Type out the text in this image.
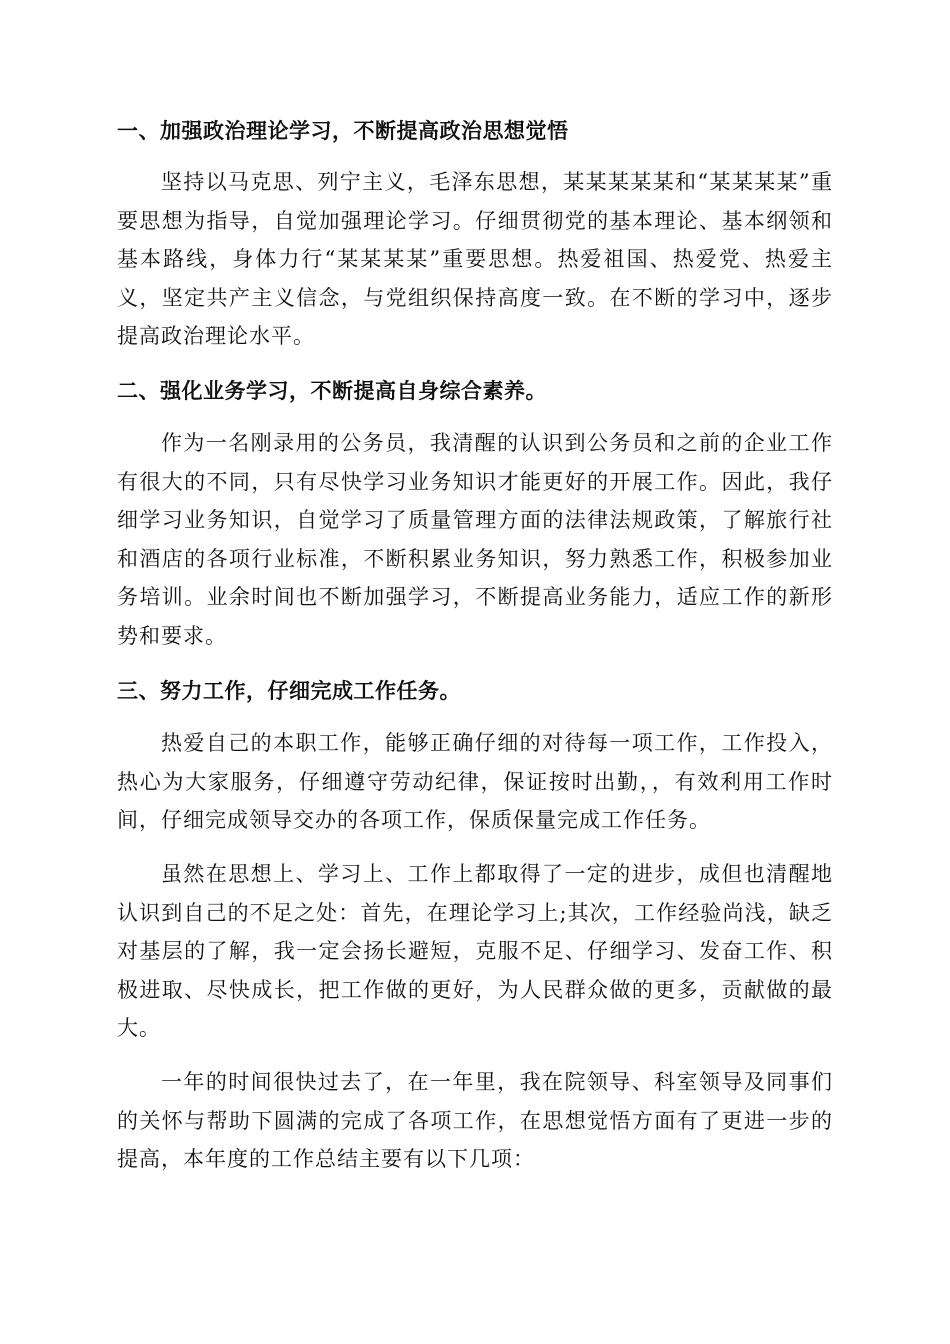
一、加强政治理论学习，不断提高政治思想觉悟

坚持以马克思、列宁主义，毛泽东思想，某某某某某和“某某某某”重要思想为指导，自觉加强理论学习。仔细贯彻党的基本理论、基本纲领和基本路线，身体力行“某某某某”重要思想。热爱祖国、热爱党、热爱主义，坚定共产主义信念，与党组织保持高度一致。在不断的学习中，逐步提高政治理论水平。

二、强化业务学习，不断提高自身综合素养。

作为一名刚录用的公务员，我清醒的认识到公务员和之前的企业工作有很大的不同，只有尽快学习业务知识才能更好的开展工作。因此，我仔细学习业务知识，自觉学习了质量管理方面的法律法规政策，了解旅行社和酒店的各项行业标准，不断积累业务知识，努力熟悉工作，积极参加业务培训。业余时间也不断加强学习，不断提高业务能力，适应工作的新形势和要求。

三、努力工作，仔细完成工作任务。

热爱自己的本职工作，能够正确仔细的对待每一项工作，工作投入，热心为大家服务，仔细遵守劳动纪律，保证按时出勤，，有效利用工作时间，仔细完成领导交办的各项工作，保质保量完成工作任务。

虽然在思想上、学习上、工作上都取得了一定的进步，成但也清醒地认识到自己的不足之处：首先，在理论学习上;其次，工作经验尚浅，缺乏对基层的了解，我一定会扬长避短，克服不足、仔细学习、发奋工作、积极进取、尽快成长，把工作做的更好，为人民群众做的更多，贡献做的最大。

一年的时间很快过去了，在一年里，我在院领导、科室领导及同事们的关怀与帮助下圆满的完成了各项工作，在思想觉悟方面有了更进一步的提高，本年度的工作总结主要有以下几项：
